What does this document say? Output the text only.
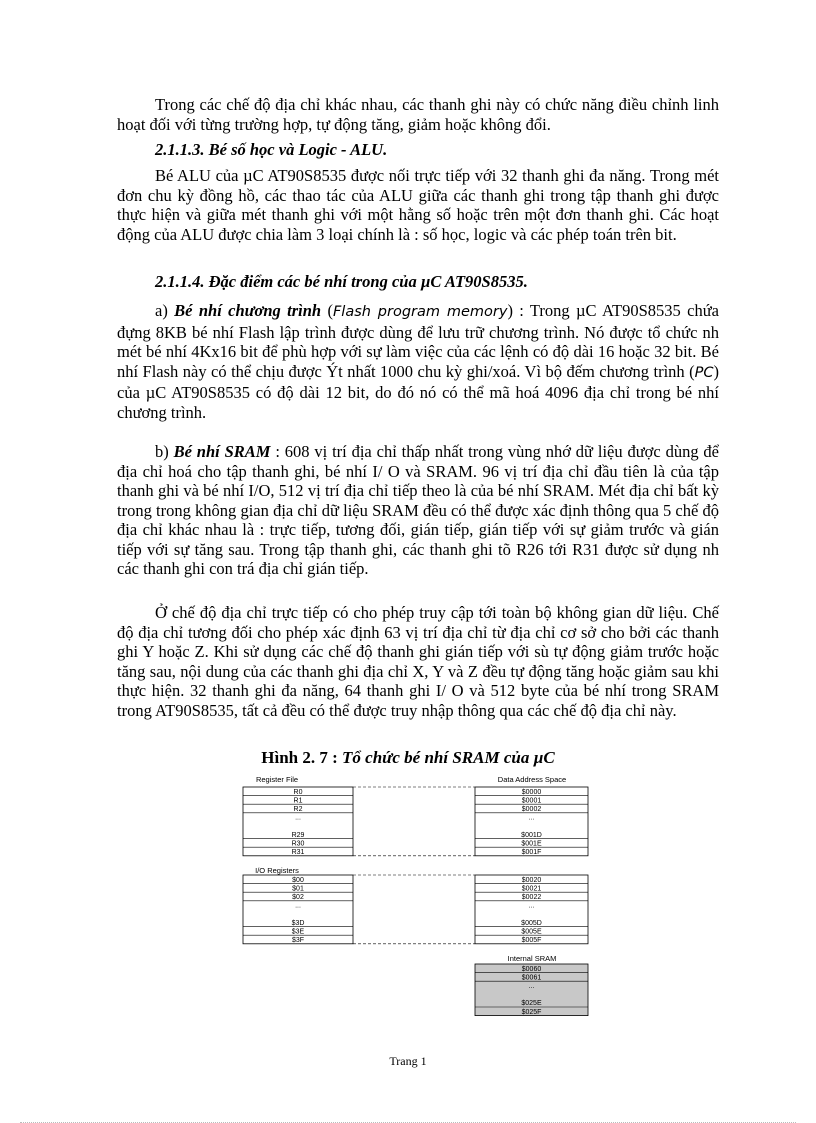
Trong các chế độ địa chỉ khác nhau, các thanh ghi này có chức năng điều chỉnh linh hoạt đối với từng trường hợp, tự động tăng, giảm hoặc không đổi.

2.1.1.3. Bé số học và Logic - ALU.

Bé ALU của µC AT90S8535 được nối trực tiếp với 32 thanh ghi đa năng. Trong mét đơn chu kỳ đồng hồ, các thao tác của ALU giữa các thanh ghi trong tập thanh ghi được thực hiện và giữa mét thanh ghi với một hằng số hoặc trên một đơn thanh ghi. Các hoạt động của ALU được chia làm 3 loại chính là : số học, logic và các phép toán trên bit.

2.1.1.4. Đặc điểm các bé nhí trong của µC AT90S8535.

a) Bé nhí chương trình (Flash program memory) : Trong µC AT90S8535 chứa đựng 8KB bé nhí Flash lập trình được dùng để lưu trữ chương trình. Nó được tổ chức nh mét bé nhí 4Kx16 bit để phù hợp với sự làm việc của các lệnh có độ dài 16 hoặc 32 bit. Bé nhí Flash này có thể chịu được Ýt nhất 1000 chu kỳ ghi/xoá. Vì bộ đếm chương trình (PC) của µC AT90S8535 có độ dài 12 bit, do đó nó có thể mã hoá 4096 địa chỉ trong bé nhí chương trình.

b) Bé nhí SRAM : 608 vị trí địa chỉ thấp nhất trong vùng nhớ dữ liệu được dùng để địa chỉ hoá cho tập thanh ghi, bé nhí I/ O và SRAM. 96 vị trí địa chỉ đầu tiên là của tập thanh ghi và bé nhí I/O, 512 vị trí địa chỉ tiếp theo là của bé nhí SRAM. Mét địa chỉ bất kỳ trong trong không gian địa chỉ dữ liệu SRAM đều có thể được xác định thông qua 5 chế độ địa chỉ khác nhau là : trực tiếp, tương đối, gián tiếp, gián tiếp với sự giảm trước và gián tiếp với sự tăng sau. Trong tập thanh ghi, các thanh ghi tõ R26 tới R31 được sử dụng nh các thanh ghi con trá địa chỉ gián tiếp.

Ở chế độ địa chỉ trực tiếp có cho phép truy cập tới toàn bộ không gian dữ liệu. Chế độ địa chỉ tương đối cho phép xác định 63 vị trí địa chỉ từ địa chỉ cơ sở cho bởi các thanh ghi Y hoặc Z. Khi sử dụng các chế độ thanh ghi gián tiếp với sù tự động giảm trước hoặc tăng sau, nội dung của các thanh ghi địa chỉ X, Y và Z đều tự động tăng hoặc giảm sau khi thực hiện. 32 thanh ghi đa năng, 64 thanh ghi I/ O và 512 byte của bé nhí trong SRAM trong AT90S8535, tất cả đều có thể được truy nhập thông qua các chế độ địa chỉ này.

Hình 2. 7 : Tổ chức bé nhí SRAM của µC

Register File	Data Address Space
R0
R1
R2
...
R29
R30
R31
I/O Registers
$00
$01
$02
...
$3D
$3E
$3F
$0000
$0001
$0002
...
$001D
$001E
$001F
$0020
$0021
$0022
...
$005D
$005E
$005F
Internal SRAM
$0060
$0061
...
$025E
$025F
Trang 1
